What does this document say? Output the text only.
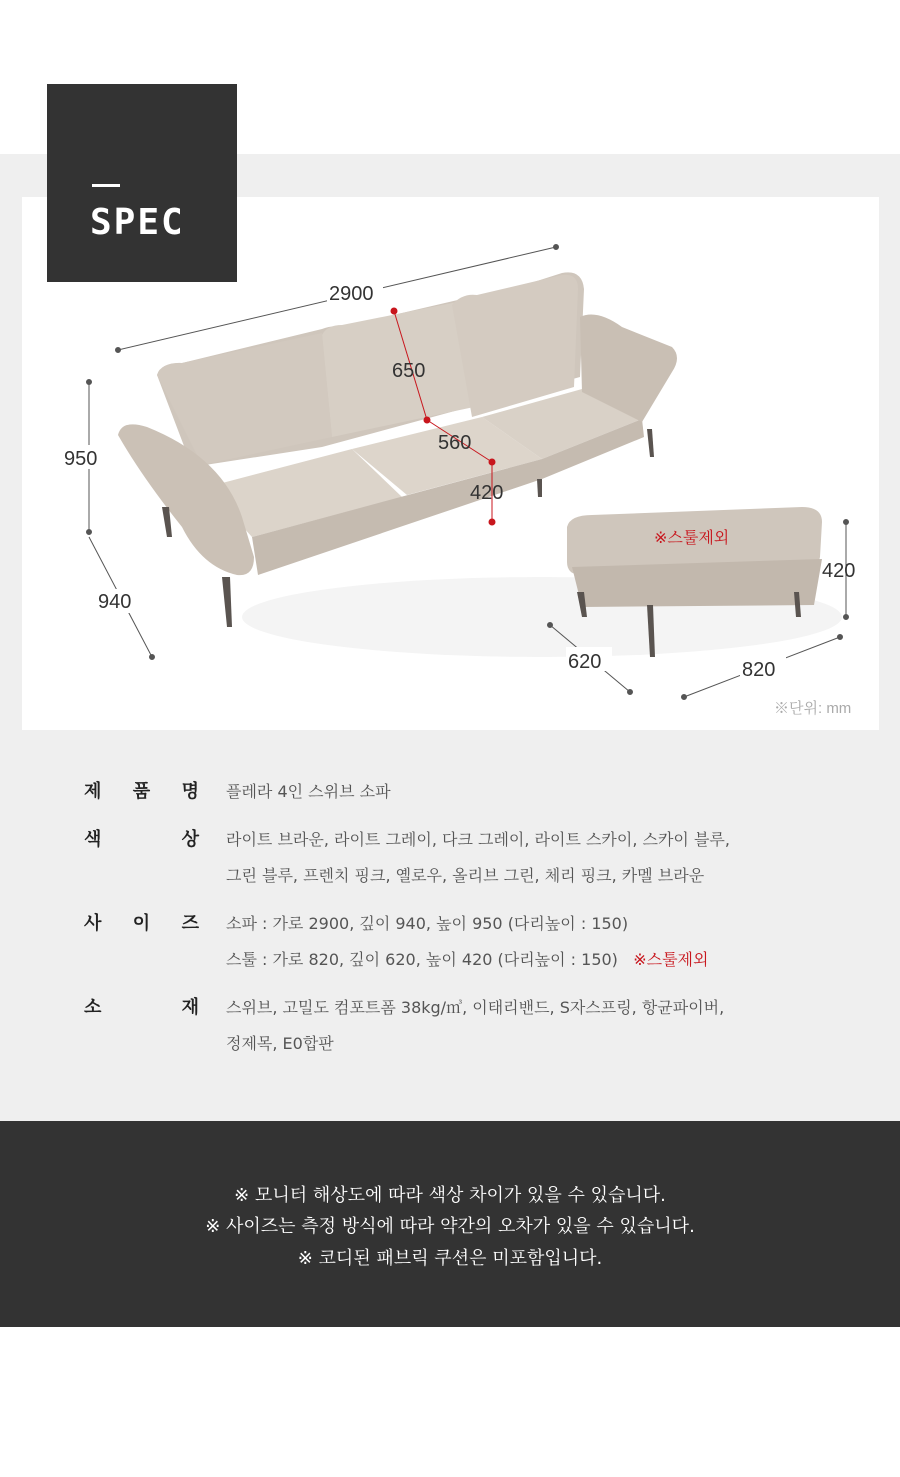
2900
950
940
650
560
420
420
620	820
※스툴제외
※단위: mm
SPEC
제 품 명 플레라 4인 스위브 소파
색	상 라이트 브라운, 라이트 그레이, 다크 그레이, 라이트 스카이, 스카이 블루,
그린 블루, 프렌치 핑크, 옐로우, 올리브 그린, 체리 핑크, 카멜 브라운
사 이 즈 소파 : 가로 2900, 깊이 940, 높이 950 (다리높이 : 150)
스툴 : 가로 820, 깊이 620, 높이 420 (다리높이 : 150) ※스툴제외
소	재 스위브, 고밀도 컴포트폼 38kg/㎥, 이태리밴드, S자스프링, 항균파이버,
정제목, E0합판
※ 모니터 해상도에 따라 색상 차이가 있을 수 있습니다.
※ 사이즈는 측정 방식에 따라 약간의 오차가 있을 수 있습니다.
※ 코디된 패브릭 쿠션은 미포함입니다.
